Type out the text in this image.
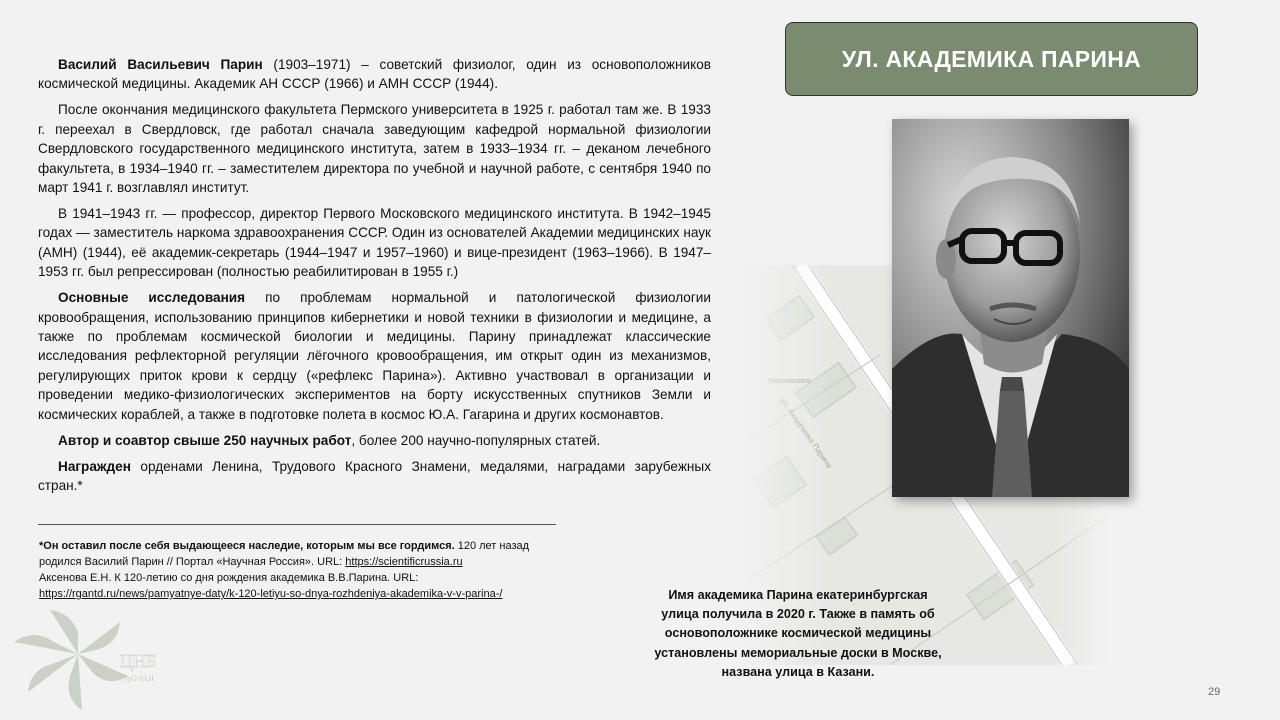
Василий Васильевич Парин (1903–1971) – советский физиолог, один из основоположников космической медицины. Академик АН СССР (1966) и АМН СССР (1944).

После окончания медицинского факультета Пермского университета в 1925 г. работал там же. В 1933 г. переехал в Свердловск, где работал сначала заведующим кафедрой нормальной физиологии Свердловского государственного медицинского института, затем в 1933–1934 гг. – деканом лечебного факультета, в 1934–1940 гг. – заместителем директора по учебной и научной работе, с сентября 1940 по март 1941 г. возглавлял институт.

В 1941–1943 гг. — профессор, директор Первого Московского медицинского института. В 1942–1945 годах — заместитель наркома здравоохранения СССР. Один из основателей Академии медицинских наук (АМН) (1944), её академик-секретарь (1944–1947 и 1957–1960) и вице-президент (1963–1966). В 1947–1953 гг. был репрессирован (полностью реабилитирован в 1955 г.)

Основные исследования по проблемам нормальной и патологической физиологии кровообращения, использованию принципов кибернетики и новой техники в физиологии и медицине, а также по проблемам космической биологии и медицины. Парину принадлежат классические исследования рефлекторной регуляции лёгочного кровообращения, им открыт один из механизмов, регулирующих приток крови к сердцу («рефлекс Парина»). Активно участвовал в организации и проведении медико-физиологических экспериментов на борту искусственных спутников Земли и космических кораблей, а также в подготовке полета в космос Ю.А. Гагарина и других космонавтов.

Автор и соавтор свыше 250 научных работ, более 200 научно-популярных статей.

Награжден орденами Ленина, Трудового Красного Знамени, медалями, наградами зарубежных стран.*

УЛ. АКАДЕМИКА ПАРИНА
Имя академика Парина екатеринбургская улица получила в 2020 г. Также в память об основоположнике космической медицины установлены мемориальные доски в Москве, названа улица в Казани.
*Он оставил после себя выдающееся наследие, которым мы все гордимся. 120 лет назад
родился Василий Парин // Портал «Научная Россия». URL: https://scientificrussia.ru
Аксенова Е.Н. К 120-летию со дня рождения академика В.В.Парина. URL:
https://rgantd.ru/news/pamyatnye-daty/k-120-letiyu-so-dnya-rozhdeniya-akademika-v-v-parina-/
ЦНБ
УрО РАН
29
